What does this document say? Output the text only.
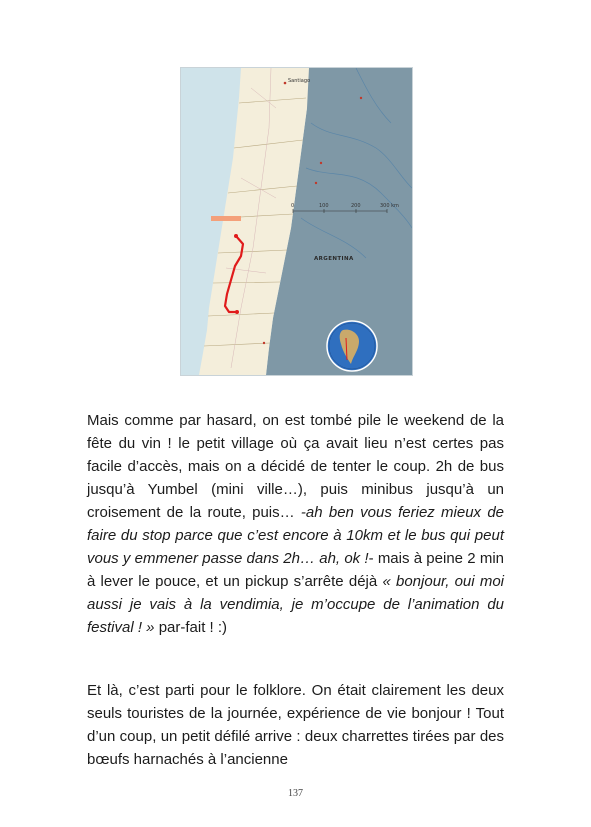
Santiago
ARGENTINA
0	100	200	300 km

Mais comme par hasard, on est tombé pile le weekend de la fête du vin ! le petit village où ça avait lieu n’est certes pas facile d’accès, mais on a décidé de tenter le coup. 2h de bus jusqu’à Yumbel (mini ville…), puis minibus jusqu’à un croisement de la route, puis… -ah ben vous feriez mieux de faire du stop parce que c’est encore à 10km et le bus qui peut vous y emmener passe dans 2h… ah, ok !- mais à peine 2 min à lever le pouce, et un pickup s’arrête déjà « bonjour, oui moi aussi je vais à la vendimia, je m’occupe de l’animation du festival ! » par-fait ! :)

Et là, c’est parti pour le folklore. On était clairement les deux seuls touristes de la journée, expérience de vie bonjour ! Tout d’un coup, un petit défilé arrive : deux charrettes tirées par des bœufs harnachés à l’ancienne

137
